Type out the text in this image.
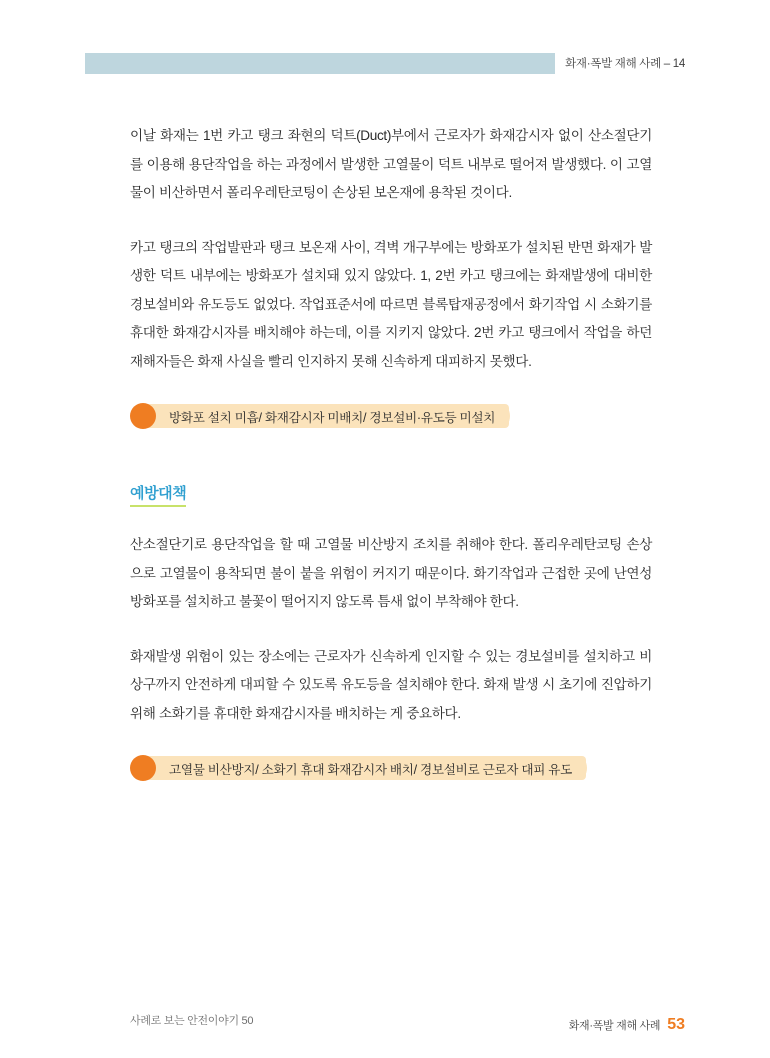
화재·폭발 재해 사례 – 14

이날 화재는 1번 카고 탱크 좌현의 덕트(Duct)부에서 근로자가 화재감시자 없이 산소절단기를 이용해 용단작업을 하는 과정에서 발생한 고열물이 덕트 내부로 떨어져 발생했다. 이 고열물이 비산하면서 폴리우레탄코팅이 손상된 보온재에 용착된 것이다.

카고 탱크의 작업발판과 탱크 보온재 사이, 격벽 개구부에는 방화포가 설치된 반면 화재가 발생한 덕트 내부에는 방화포가 설치돼 있지 않았다. 1, 2번 카고 탱크에는 화재발생에 대비한 경보설비와 유도등도 없었다. 작업표준서에 따르면 블록탑재공정에서 화기작업 시 소화기를 휴대한 화재감시자를 배치해야 하는데, 이를 지키지 않았다. 2번 카고 탱크에서 작업을 하던 재해자들은 화재 사실을 빨리 인지하지 못해 신속하게 대피하지 못했다.

방화포 설치 미흡/ 화재감시자 미배치/ 경보설비·유도등 미설치
예방대책

산소절단기로 용단작업을 할 때 고열물 비산방지 조치를 취해야 한다. 폴리우레탄코팅 손상으로 고열물이 용착되면 불이 붙을 위험이 커지기 때문이다. 화기작업과 근접한 곳에 난연성 방화포를 설치하고 불꽃이 떨어지지 않도록 틈새 없이 부착해야 한다.

화재발생 위험이 있는 장소에는 근로자가 신속하게 인지할 수 있는 경보설비를 설치하고 비상구까지 안전하게 대피할 수 있도록 유도등을 설치해야 한다. 화재 발생 시 초기에 진압하기 위해 소화기를 휴대한 화재감시자를 배치하는 게 중요하다.

고열물 비산방지/ 소화기 휴대 화재감시자 배치/ 경보설비로 근로자 대피 유도
사례로 보는 안전이야기 50	화재·폭발 재해 사례 53
